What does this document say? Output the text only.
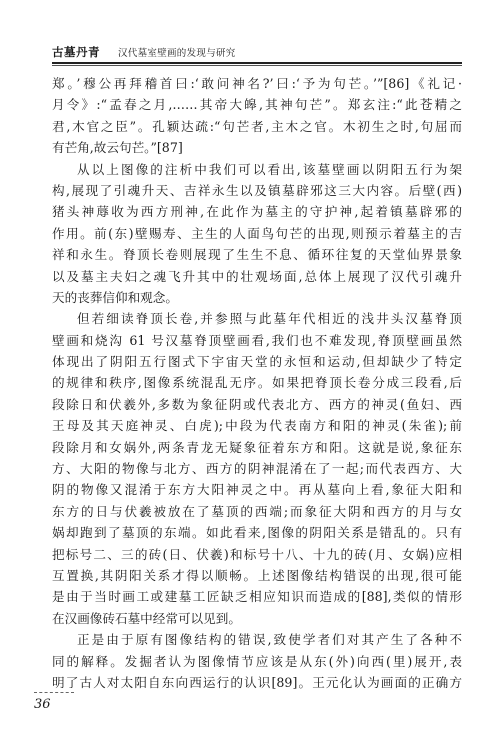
古墓丹青 汉代墓室壁画的发现与研究
郑。’穆公再拜稽首曰:‘敢问神名?’曰:‘予为句芒。’”[86]《礼记·
月令》:“孟春之月,……其帝大皞,其神句芒”。郑玄注:“此苍精之
君,木官之臣”。孔颖达疏:“句芒者,主木之官。木初生之时,句屈而
有芒角,故云句芒。”[87]
从以上图像的注析中我们可以看出,该墓壁画以阴阳五行为架
构,展现了引魂升天、吉祥永生以及镇墓辟邪这三大内容。后壁(西)
猪头神蓐收为西方刑神,在此作为墓主的守护神,起着镇墓辟邪的
作用。前(东)壁赐寿、主生的人面鸟句芒的出现,则预示着墓主的吉
祥和永生。脊顶长卷则展现了生生不息、循环往复的天堂仙界景象
以及墓主夫妇之魂飞升其中的壮观场面,总体上展现了汉代引魂升
天的丧葬信仰和观念。
但若细读脊顶长卷,并参照与此墓年代相近的浅井头汉墓脊顶
壁画和烧沟 61 号汉墓脊顶壁画看,我们也不难发现,脊顶壁画虽然
体现出了阴阳五行图式下宇宙天堂的永恒和运动,但却缺少了特定
的规律和秩序,图像系统混乱无序。如果把脊顶长卷分成三段看,后
段除日和伏羲外,多数为象征阴或代表北方、西方的神灵(鱼妇、西
王母及其天庭神灵、白虎);中段为代表南方和阳的神灵(朱雀);前
段除月和女娲外,两条青龙无疑象征着东方和阳。这就是说,象征东
方、大阳的物像与北方、西方的阴神混淆在了一起;而代表西方、大
阴的物像又混淆于东方大阳神灵之中。再从墓向上看,象征大阳和
东方的日与伏羲被放在了墓顶的西端;而象征大阴和西方的月与女
娲却跑到了墓顶的东端。如此看来,图像的阴阳关系是错乱的。只有
把标号二、三的砖(日、伏羲)和标号十八、十九的砖(月、女娲)应相
互置换,其阴阳关系才得以顺畅。上述图像结构错误的出现,很可能
是由于当时画工或建墓工匠缺乏相应知识而造成的[88],类似的情形
在汉画像砖石墓中经常可以见到。
正是由于原有图像结构的错误,致使学者们对其产生了各种不
同的解释。发掘者认为图像情节应该是从东(外)向西(里)展开,表
明了古人对太阳自东向西运行的认识[89]。王元化认为画面的正确方
36
